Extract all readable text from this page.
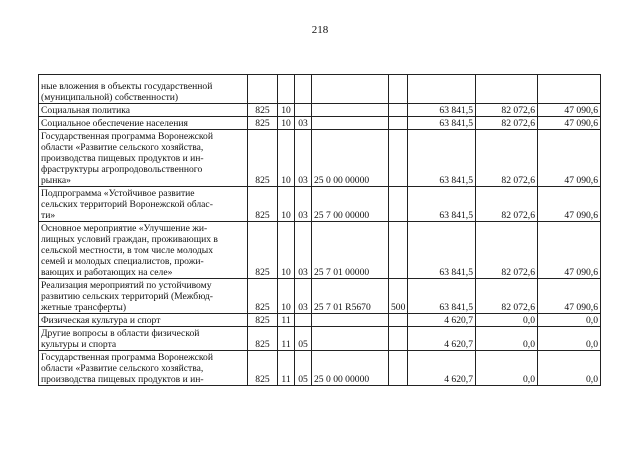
218
ные вложения в объекты государственной
(муниципальной) собственности)								
Социальная политика	825	10				63 841,5	82 072,6	47 090,6
Социальное обеспечение населения	825	10	03			63 841,5	82 072,6	47 090,6
Государственная программа Воронежской
области «Развитие сельского хозяйства,
производства пищевых продуктов и ин-
фраструктуры агропродовольственного
рынка»	825	10	03	25 0 00 00000		63 841,5	82 072,6	47 090,6
Подпрограмма «Устойчивое развитие
сельских территорий Воронежской облас-
ти»	825	10	03	25 7 00 00000		63 841,5	82 072,6	47 090,6
Основное мероприятие «Улучшение жи-
лищных условий граждан, проживающих в
сельской местности, в том числе молодых
семей и молодых специалистов, прожи-
вающих и работающих на селе»	825	10	03	25 7 01 00000		63 841,5	82 072,6	47 090,6
Реализация мероприятий по устойчивому
развитию сельских территорий (Межбюд-
жетные трансферты)	825	10	03	25 7 01 R5670	500	63 841,5	82 072,6	47 090,6
Физическая культура и спорт	825	11				4 620,7	0,0	0,0
Другие вопросы в области физической
культуры и спорта	825	11	05			4 620,7	0,0	0,0
Государственная программа Воронежской
области «Развитие сельского хозяйства,
производства пищевых продуктов и ин-	825	11	05	25 0 00 00000		4 620,7	0,0	0,0
